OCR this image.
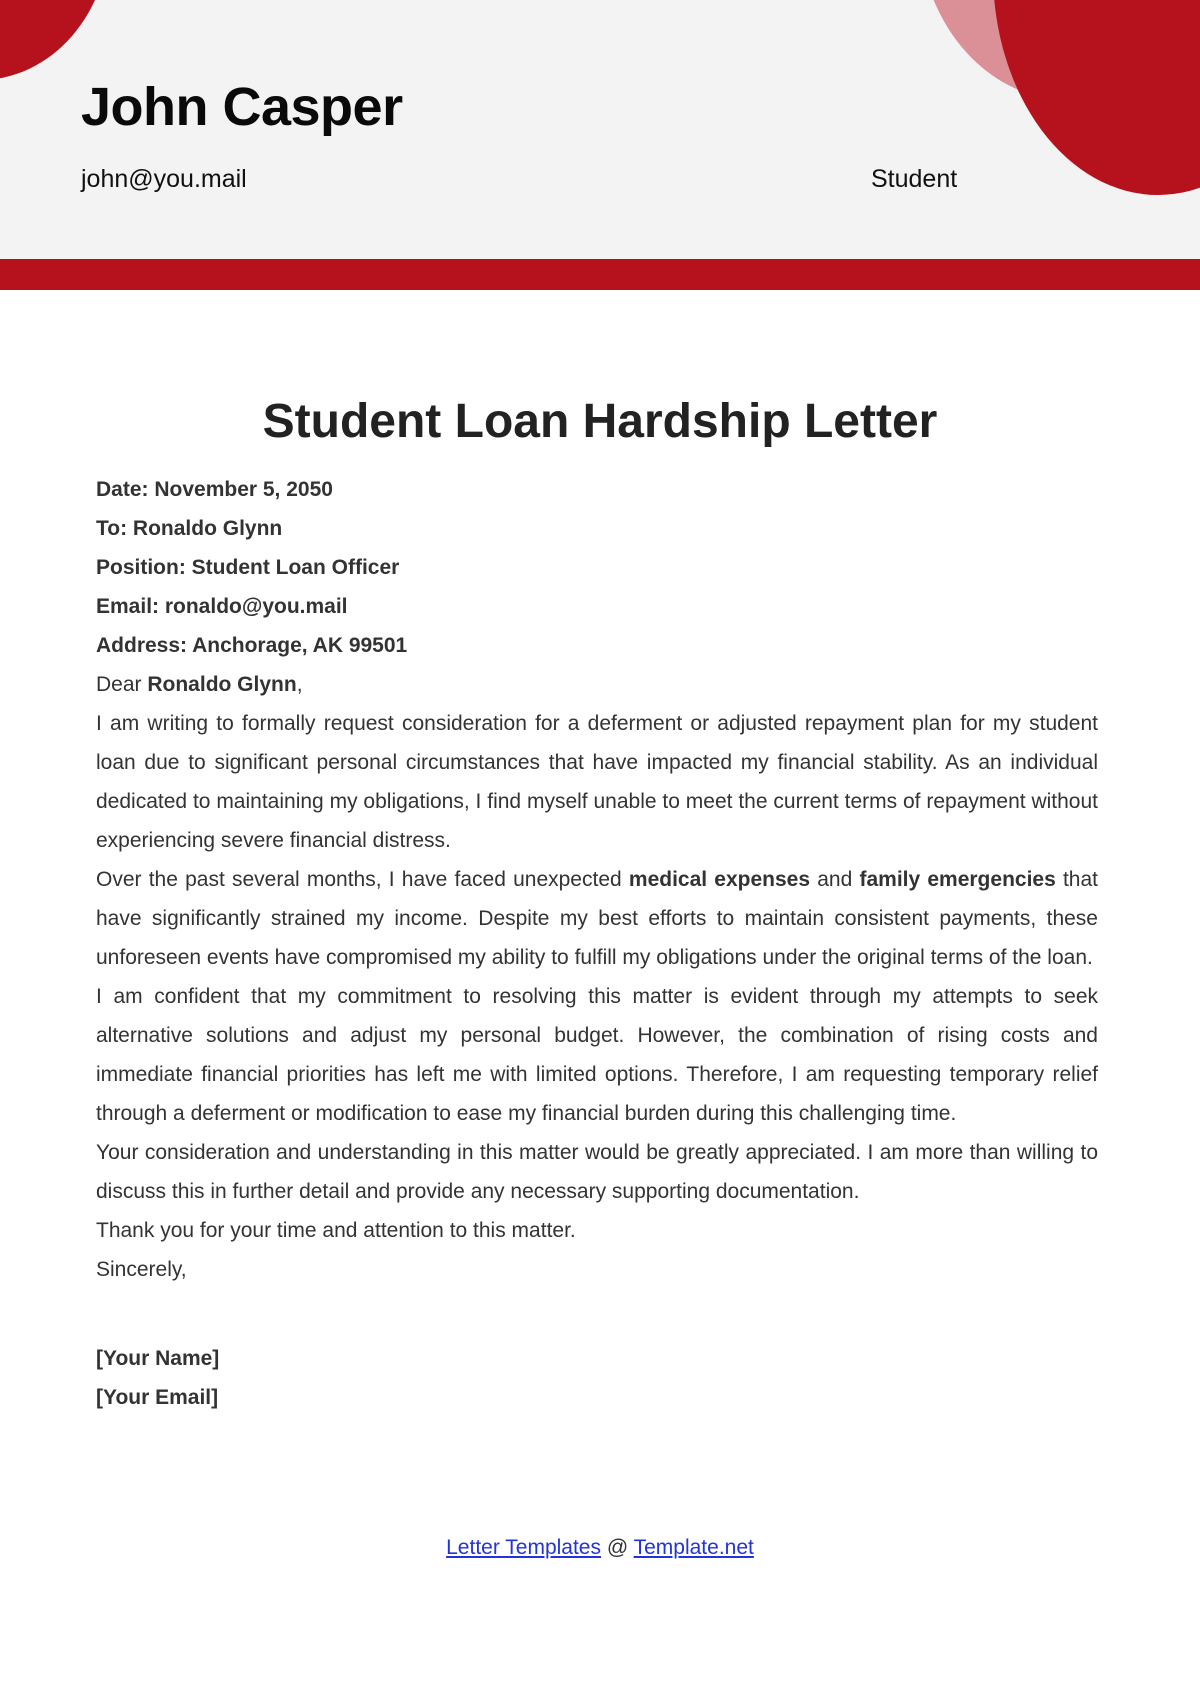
John Casper
john@you.mail	Student
Student Loan Hardship Letter
Date: November 5, 2050
To: Ronaldo Glynn
Position: Student Loan Officer
Email: ronaldo@you.mail
Address: Anchorage, AK 99501
Dear Ronaldo Glynn,

I am writing to formally request consideration for a deferment or adjusted repayment plan for my student loan due to significant personal circumstances that have impacted my financial stability. As an individual dedicated to maintaining my obligations, I find myself unable to meet the current terms of repayment without experiencing severe financial distress.

Over the past several months, I have faced unexpected medical expenses and family emergencies that have significantly strained my income. Despite my best efforts to maintain consistent payments, these unforeseen events have compromised my ability to fulfill my obligations under the original terms of the loan.

I am confident that my commitment to resolving this matter is evident through my attempts to seek alternative solutions and adjust my personal budget. However, the combination of rising costs and immediate financial priorities has left me with limited options. Therefore, I am requesting temporary relief through a deferment or modification to ease my financial burden during this challenging time.

Your consideration and understanding in this matter would be greatly appreciated. I am more than willing to discuss this in further detail and provide any necessary supporting documentation.

Thank you for your time and attention to this matter.

Sincerely,

[Your Name]
[Your Email]
Letter Templates @ Template.net
